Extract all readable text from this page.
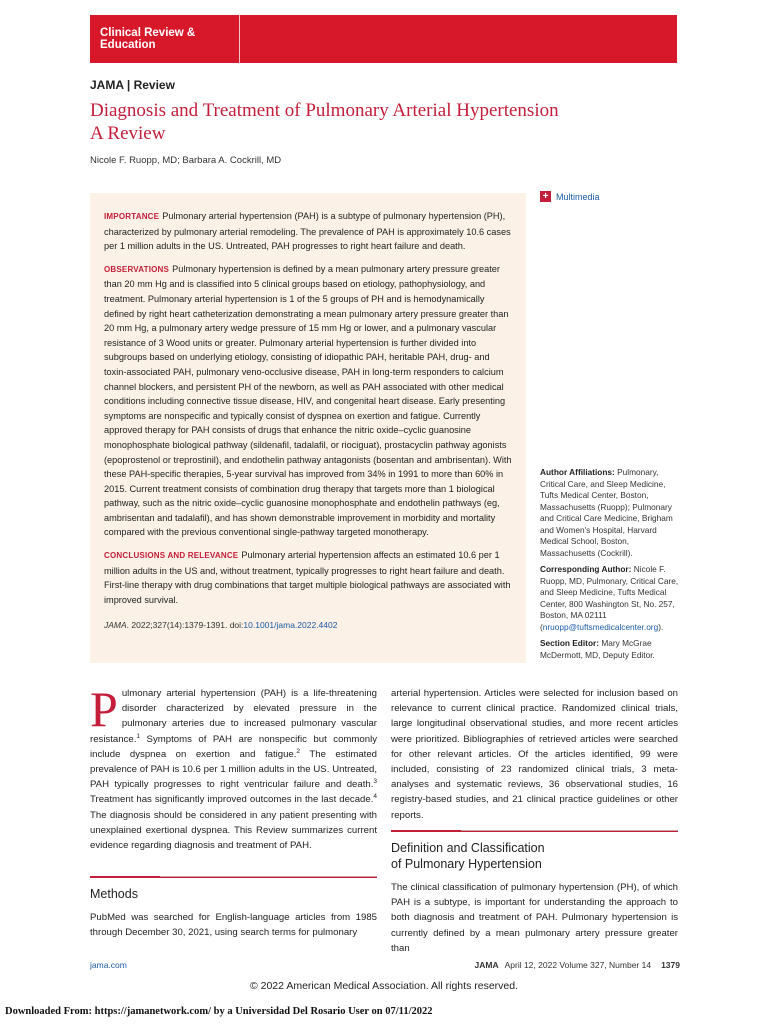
Clinical Review & Education
JAMA | Review
Diagnosis and Treatment of Pulmonary Arterial Hypertension
A Review
Nicole F. Ruopp, MD; Barbara A. Cockrill, MD

IMPORTANCE Pulmonary arterial hypertension (PAH) is a subtype of pulmonary hypertension (PH), characterized by pulmonary arterial remodeling. The prevalence of PAH is approximately 10.6 cases per 1 million adults in the US. Untreated, PAH progresses to right heart failure and death.

OBSERVATIONS Pulmonary hypertension is defined by a mean pulmonary artery pressure greater than 20 mm Hg and is classified into 5 clinical groups based on etiology, pathophysiology, and treatment. Pulmonary arterial hypertension is 1 of the 5 groups of PH and is hemodynamically defined by right heart catheterization demonstrating a mean pulmonary artery pressure greater than 20 mm Hg, a pulmonary artery wedge pressure of 15 mm Hg or lower, and a pulmonary vascular resistance of 3 Wood units or greater. Pulmonary arterial hypertension is further divided into subgroups based on underlying etiology, consisting of idiopathic PAH, heritable PAH, drug- and toxin-associated PAH, pulmonary veno-occlusive disease, PAH in long-term responders to calcium channel blockers, and persistent PH of the newborn, as well as PAH associated with other medical conditions including connective tissue disease, HIV, and congenital heart disease. Early presenting symptoms are nonspecific and typically consist of dyspnea on exertion and fatigue. Currently approved therapy for PAH consists of drugs that enhance the nitric oxide–cyclic guanosine monophosphate biological pathway (sildenafil, tadalafil, or riociguat), prostacyclin pathway agonists (epoprostenol or treprostinil), and endothelin pathway antagonists (bosentan and ambrisentan). With these PAH-specific therapies, 5-year survival has improved from 34% in 1991 to more than 60% in 2015. Current treatment consists of combination drug therapy that targets more than 1 biological pathway, such as the nitric oxide–cyclic guanosine monophosphate and endothelin pathways (eg, ambrisentan and tadalafil), and has shown demonstrable improvement in morbidity and mortality compared with the previous conventional single-pathway targeted monotherapy.

CONCLUSIONS AND RELEVANCE Pulmonary arterial hypertension affects an estimated 10.6 per 1 million adults in the US and, without treatment, typically progresses to right heart failure and death. First-line therapy with drug combinations that target multiple biological pathways are associated with improved survival.

JAMA. 2022;327(14):1379-1391. doi:10.1001/jama.2022.4402

+ Multimedia

Author Affiliations: Pulmonary, Critical Care, and Sleep Medicine, Tufts Medical Center, Boston, Massachusetts (Ruopp); Pulmonary and Critical Care Medicine, Brigham and Women's Hospital, Harvard Medical School, Boston, Massachusetts (Cockrill).

Corresponding Author: Nicole F. Ruopp, MD, Pulmonary, Critical Care, and Sleep Medicine, Tufts Medical Center, 800 Washington St, No. 257, Boston, MA 02111 (nruopp@tuftsmedicalcenter.org).

Section Editor: Mary McGrae McDermott, MD, Deputy Editor.

Pulmonary arterial hypertension (PAH) is a life-threatening disorder characterized by elevated pressure in the pulmonary arteries due to increased pulmonary vascular resistance.$^1$ Symptoms of PAH are nonspecific but commonly include dyspnea on exertion and fatigue.$^2$ The estimated prevalence of PAH is 10.6 per 1 million adults in the US. Untreated, PAH typically progresses to right ventricular failure and death.$^3$ Treatment has significantly improved outcomes in the last decade.$^4$ The diagnosis should be considered in any patient presenting with unexplained exertional dyspnea. This Review summarizes current evidence regarding diagnosis and treatment of PAH.

Methods

PubMed was searched for English-language articles from 1985 through December 30, 2021, using search terms for pulmonary

arterial hypertension. Articles were selected for inclusion based on relevance to current clinical practice. Randomized clinical trials, large longitudinal observational studies, and more recent articles were prioritized. Bibliographies of retrieved articles were searched for other relevant articles. Of the articles identified, 99 were included, consisting of 23 randomized clinical trials, 3 meta-analyses and systematic reviews, 36 observational studies, 16 registry-based studies, and 21 clinical practice guidelines or other reports.

Definition and Classification
of Pulmonary Hypertension

The clinical classification of pulmonary hypertension (PH), of which PAH is a subtype, is important for understanding the approach to both diagnosis and treatment of PAH. Pulmonary hypertension is currently defined by a mean pulmonary artery pressure greater than

jama.com	JAMA April 12, 2022 Volume 327, Number 14 1379
© 2022 American Medical Association. All rights reserved.
Downloaded From: https://jamanetwork.com/ by a Universidad Del Rosario User on 07/11/2022
